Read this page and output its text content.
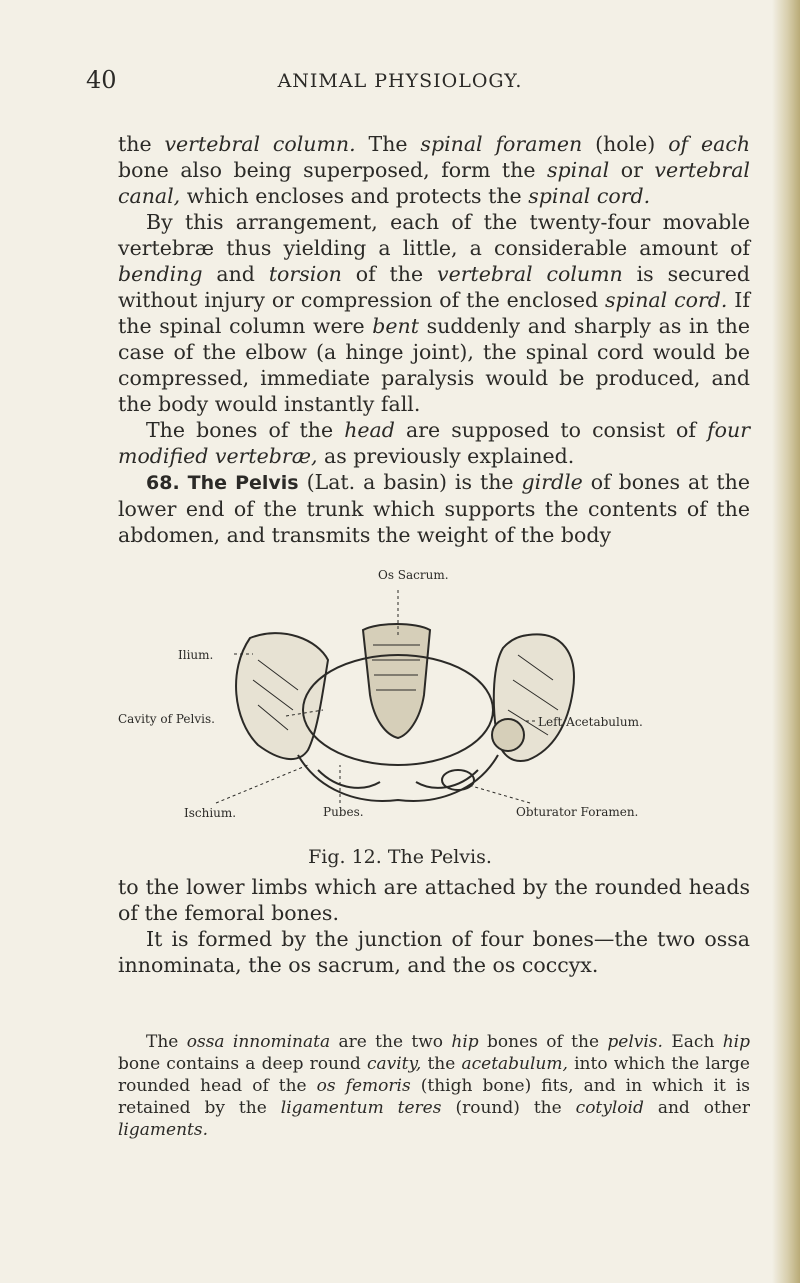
40	ANIMAL PHYSIOLOGY.

the vertebral column. The spinal foramen (hole) of each bone also being superposed, form the spinal or vertebral canal, which encloses and protects the spinal cord.

By this arrangement, each of the twenty-four movable vertebræ thus yielding a little, a considerable amount of bending and torsion of the vertebral column is secured without injury or compression of the enclosed spinal cord. If the spinal column were bent suddenly and sharply as in the case of the elbow (a hinge joint), the spinal cord would be compressed, immediate paralysis would be produced, and the body would instantly fall.

The bones of the head are supposed to consist of four modified vertebræ, as previously explained.

68. The Pelvis (Lat. a basin) is the girdle of bones at the lower end of the trunk which supports the contents of the abdomen, and transmits the weight of the body

Os Sacrum.
Ilium.
Cavity of Pelvis.	Left Acetabulum.
Ischium.	Pubes.	Obturator Foramen.
Fig. 12. The Pelvis.

to the lower limbs which are attached by the rounded heads of the femoral bones.

It is formed by the junction of four bones—the two ossa innominata, the os sacrum, and the os coccyx.

The ossa innominata are the two hip bones of the pelvis. Each hip bone contains a deep round cavity, the acetabulum, into which the large rounded head of the os femoris (thigh bone) fits, and in which it is retained by the ligamentum teres (round) the cotyloid and other ligaments.
